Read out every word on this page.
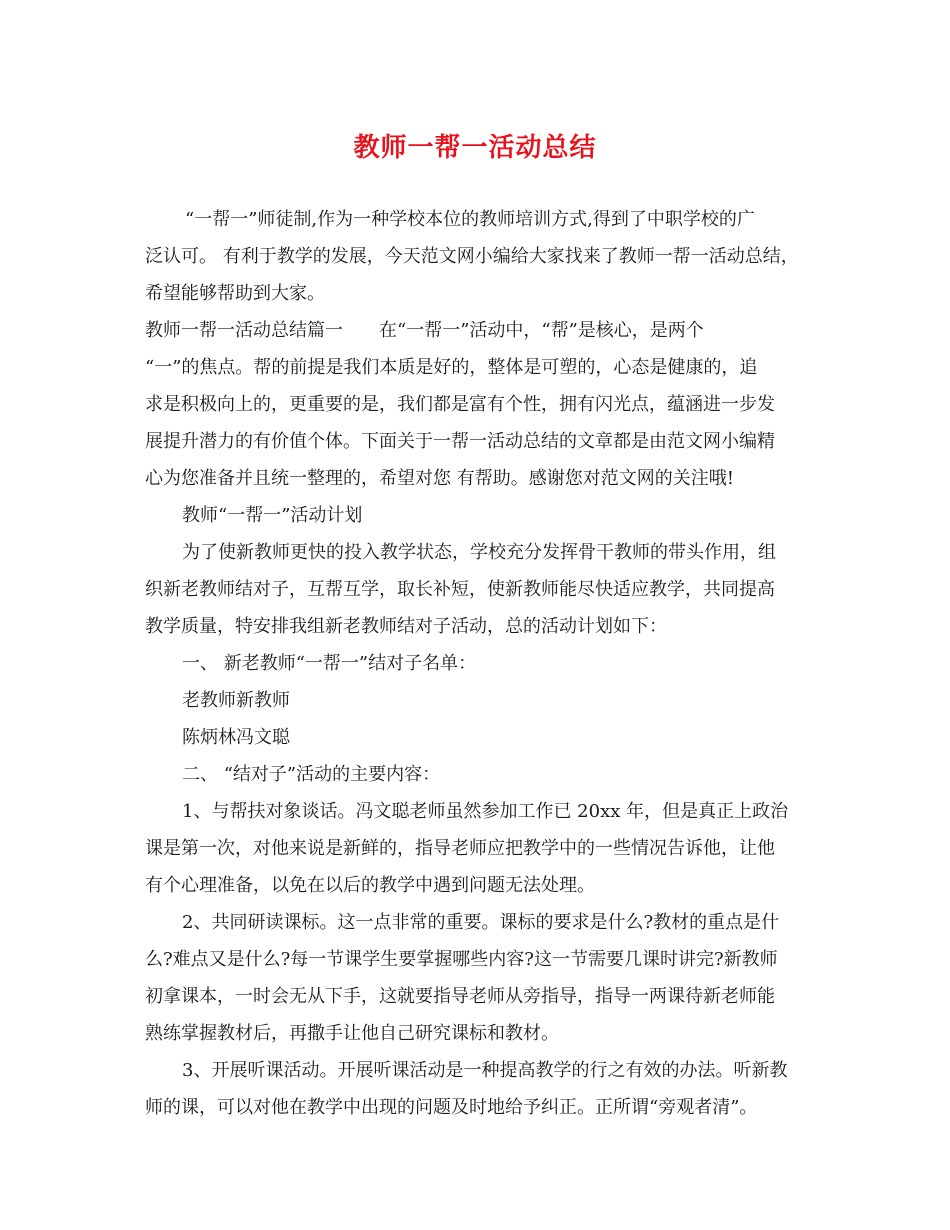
教师一帮一活动总结

“一帮一”师徒制,作为一种学校本位的教师培训方式,得到了中职学校的广

泛认可。 有利于教学的发展，今天范文网小编给大家找来了教师一帮一活动总结，

希望能够帮助到大家。

教师一帮一活动总结篇一　　在“一帮一”活动中，“帮”是核心，是两个

“一”的焦点。帮的前提是我们本质是好的，整体是可塑的，心态是健康的，追

求是积极向上的，更重要的是，我们都是富有个性，拥有闪光点，蕴涵进一步发

展提升潜力的有价值个体。下面关于一帮一活动总结的文章都是由范文网小编精

心为您准备并且统一整理的，希望对您 有帮助。感谢您对范文网的关注哦!

教师“一帮一”活动计划

为了使新教师更快的投入教学状态，学校充分发挥骨干教师的带头作用，组

织新老教师结对子，互帮互学，取长补短，使新教师能尽快适应教学，共同提高

教学质量，特安排我组新老教师结对子活动，总的活动计划如下：

一、 新老教师“一帮一”结对子名单：

老教师新教师

陈炳林冯文聪

二、 “结对子”活动的主要内容：

1、与帮扶对象谈话。冯文聪老师虽然参加工作已 20xx 年，但是真正上政治

课是第一次，对他来说是新鲜的，指导老师应把教学中的一些情况告诉他，让他

有个心理准备，以免在以后的教学中遇到问题无法处理。

2、共同研读课标。这一点非常的重要。课标的要求是什么?教材的重点是什

么?难点又是什么?每一节课学生要掌握哪些内容?这一节需要几课时讲完?新教师

初拿课本，一时会无从下手，这就要指导老师从旁指导，指导一两课待新老师能

熟练掌握教材后，再撒手让他自己研究课标和教材。

3、开展听课活动。开展听课活动是一种提高教学的行之有效的办法。听新教

师的课，可以对他在教学中出现的问题及时地给予纠正。正所谓“旁观者清”。
